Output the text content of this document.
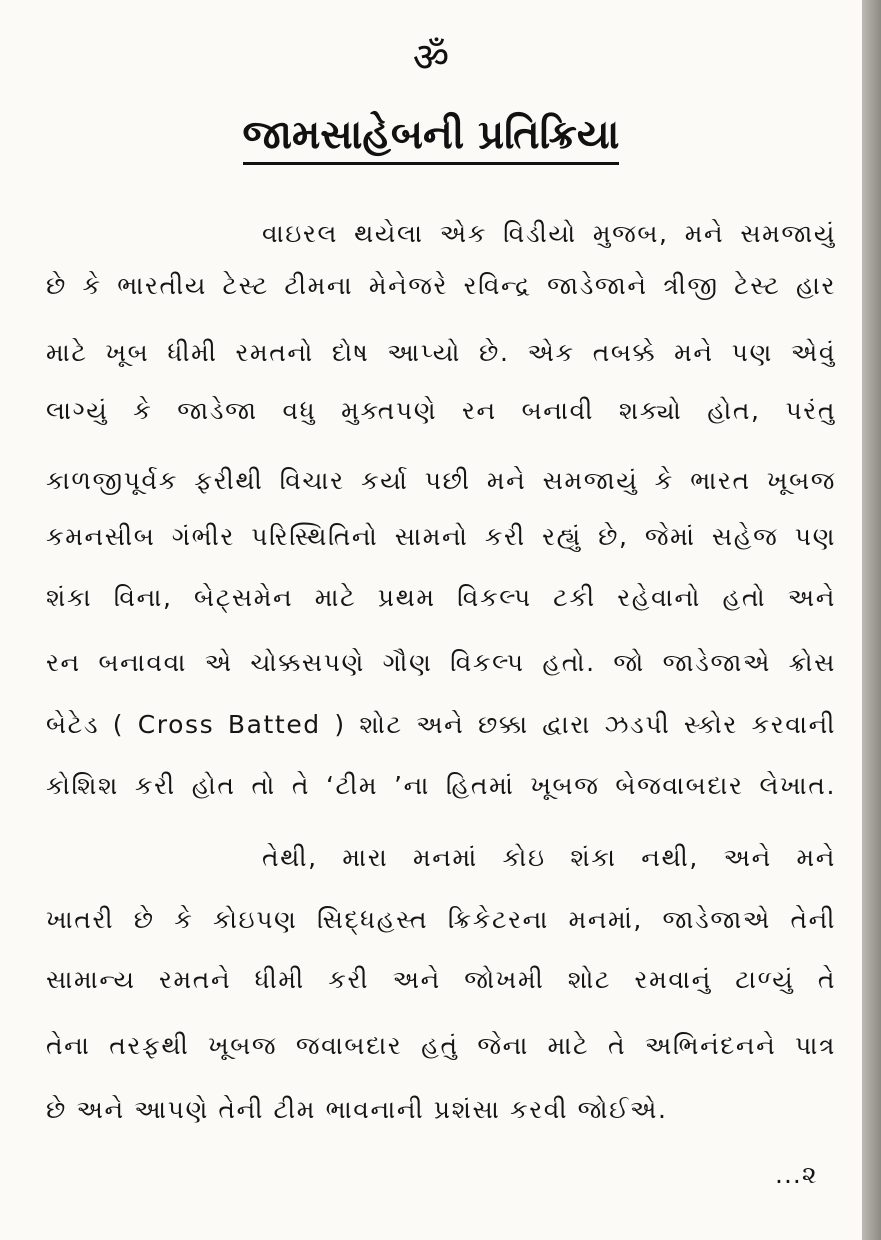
ॐ
જામસાહેબની પ્રતિક્રિયા
વાઇરલ થયેલા એક વિડીયો મુજબ, મને સમજાયું
છે કે ભારતીય ટેસ્ટ ટીમના મેનેજરે રવિન્દ્ર જાડેજાને ત્રીજી ટેસ્ટ હાર
માટે ખૂબ ધીમી રમતનો દોષ આપ્યો છે. એક તબક્કે મને પણ એવું
લાગ્યું કે જાડેજા વધુ મુક્તપણે રન બનાવી શક્યો હોત, પરંતુ
કાળજીપૂર્વક ફરીથી વિચાર કર્યા પછી મને સમજાયું કે ભારત ખૂબજ
કમનસીબ ગંભીર પરિસ્થિતિનો સામનો કરી રહ્યું છે, જેમાં સહેજ પણ
શંકા વિના, બેટ્સમેન માટે પ્રથમ વિકલ્પ ટકી રહેવાનો હતો અને
રન બનાવવા એ ચોક્કસપણે ગૌણ વિકલ્પ હતો. જો જાડેજાએ ક્રોસ
બેટેડ ( Cross Batted ) શોટ અને છક્કા દ્વારા ઝડપી સ્કોર કરવાની
કોશિશ કરી હોત તો તે ‘ટીમ ’ના હિતમાં ખૂબજ બેજવાબદાર લેખાત.
તેથી, મારા મનમાં કોઇ શંકા નથી, અને મને
ખાતરી છે કે કોઇપણ સિદ્ધહસ્ત ક્રિકેટરના મનમાં, જાડેજાએ તેની
સામાન્ય રમતને ધીમી કરી અને જોખમી શોટ રમવાનું ટાળ્યું તે
તેના તરફથી ખૂબજ જવાબદાર હતું જેના માટે તે અભિનંદનને પાત્ર
છે અને આપણે તેની ટીમ ભાવનાની પ્રશંસા કરવી જોઈએ.
...૨
